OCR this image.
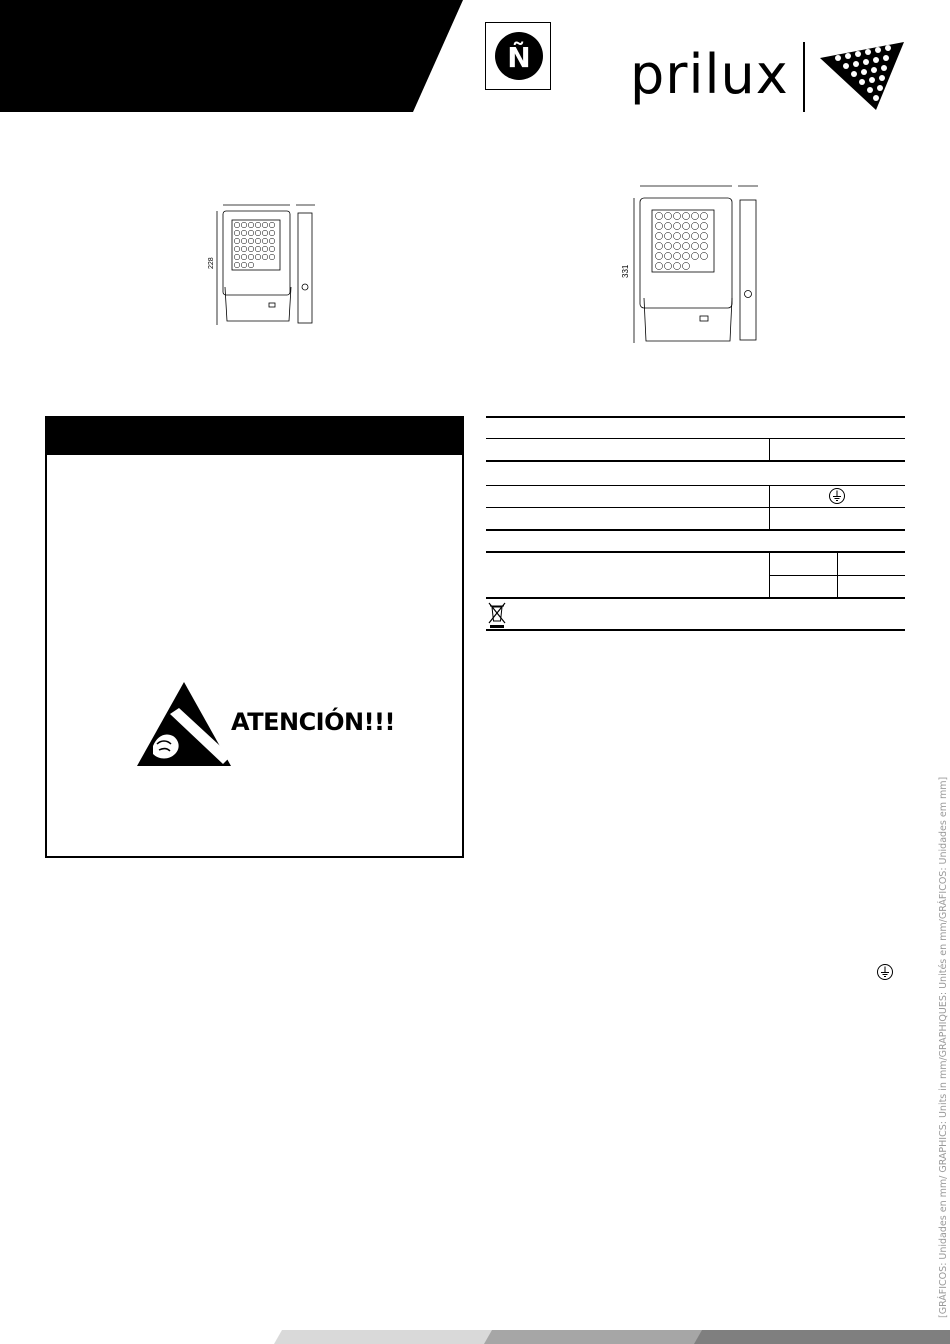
Ñ prilux
228
331
ATENCIÓN!!!
[GRÁFICOS: Unidades en mm/ GRAPHICS: Units in mm/GRAPHIQUES: Unités en mm/GRÁFICOS: Unidades em mm]
